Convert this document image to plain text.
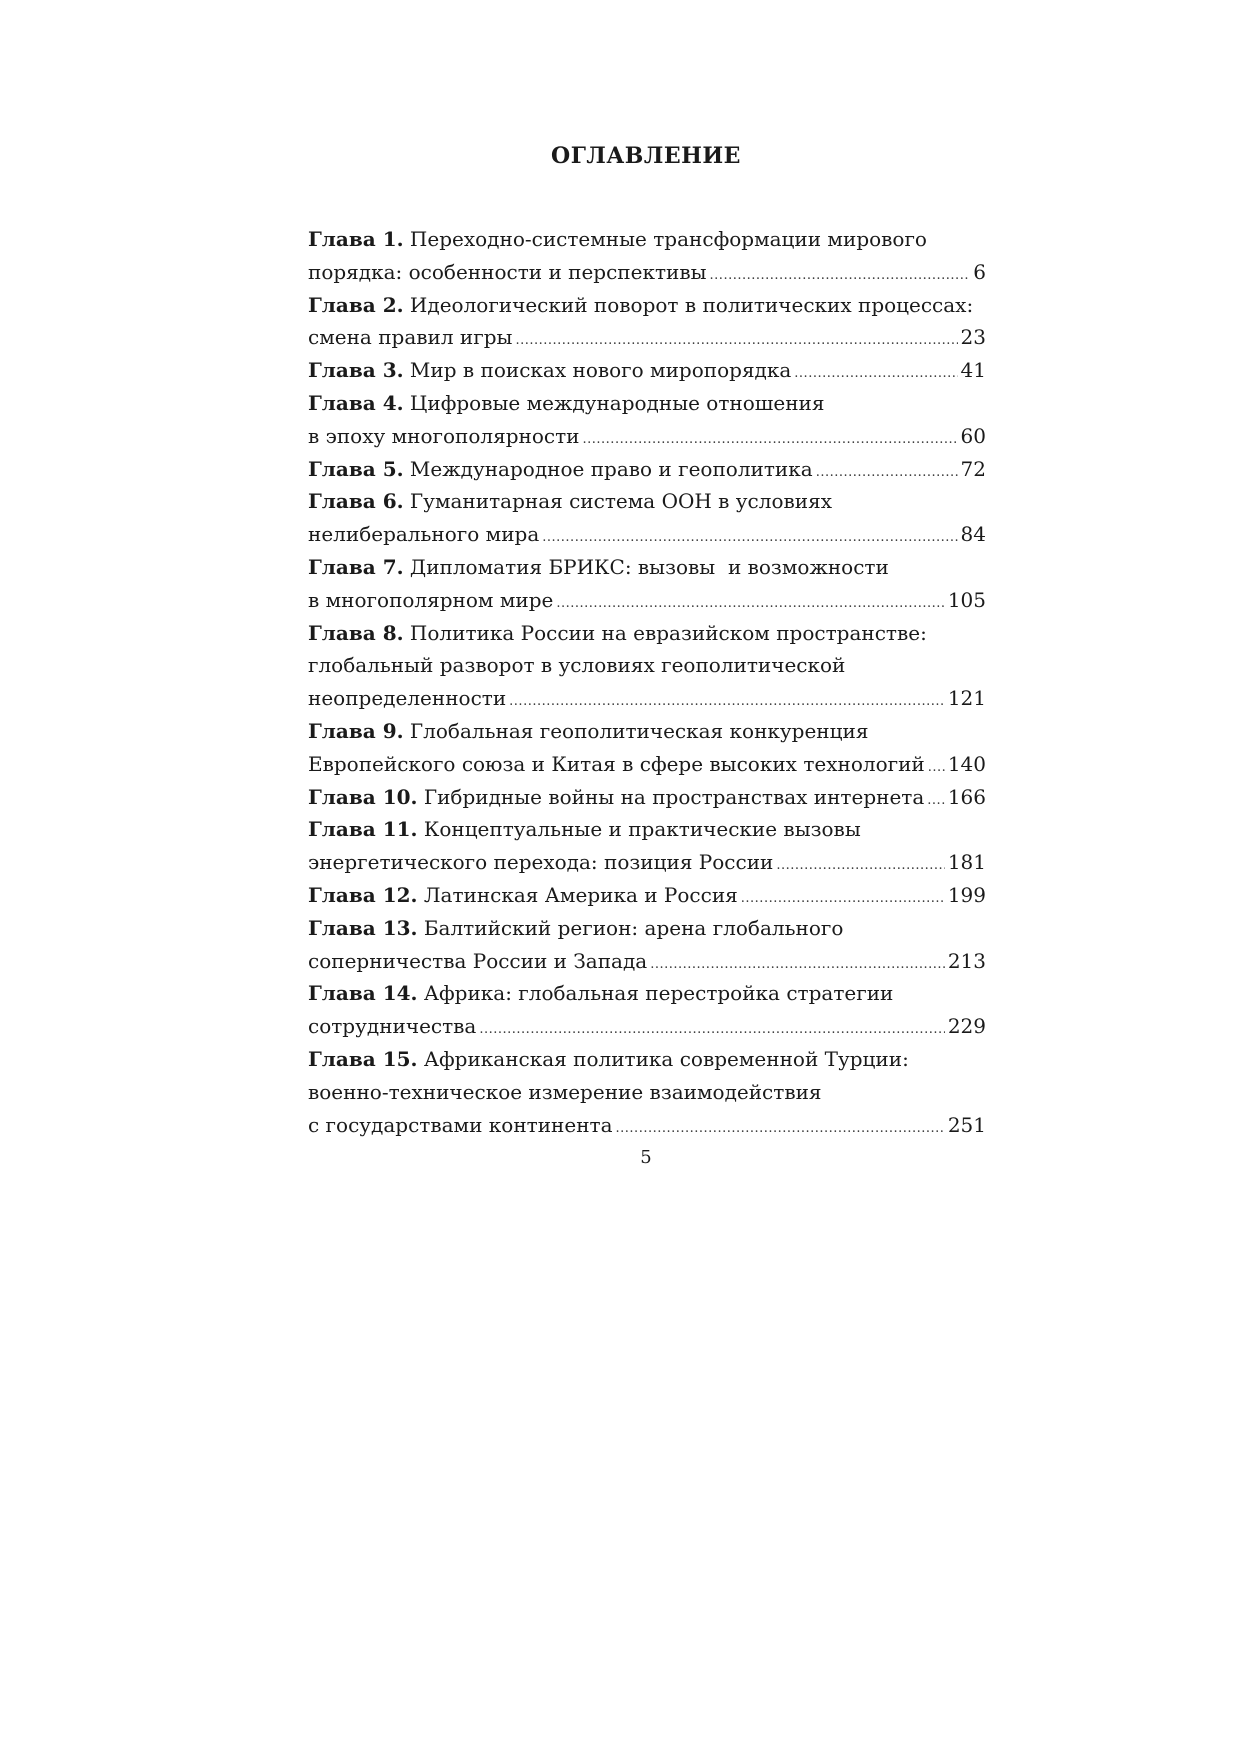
ОГЛАВЛЕНИЕ
Глава 1. Переходно-системные трансформации мирового
порядка: особенности и перспективы .....	6
Глава 2. Идеологический поворот в политических процессах:
смена правил игры .....	23
Глава 3. Мир в поисках нового миропорядка .....	41
Глава 4. Цифровые международные отношения
в эпоху многополярности .....	60
Глава 5. Международное право и геополитика .....	72
Глава 6. Гуманитарная система ООН в условиях
нелиберального мира .....	84
Глава 7. Дипломатия БРИКС: вызовы  и возможности
в многополярном мире .....	105
Глава 8. Политика России на евразийском пространстве:
глобальный разворот в условиях геополитической
неопределенности .....	121
Глава 9. Глобальная геополитическая конкуренция
Европейского союза и Китая в сфере высоких технологий ..... 140
Глава 10. Гибридные войны на пространствах интернета ..... 166
Глава 11. Концептуальные и практические вызовы
энергетического перехода: позиция России .....	181
Глава 12. Латинская Америка и Россия .....	199
Глава 13. Балтийский регион: арена глобального
соперничества России и Запада .....	213
Глава 14. Африка: глобальная перестройка стратегии
сотрудничества .....	229
Глава 15. Африканская политика современной Турции:
военно-техническое измерение взаимодействия
с государствами континента .....	251
5
